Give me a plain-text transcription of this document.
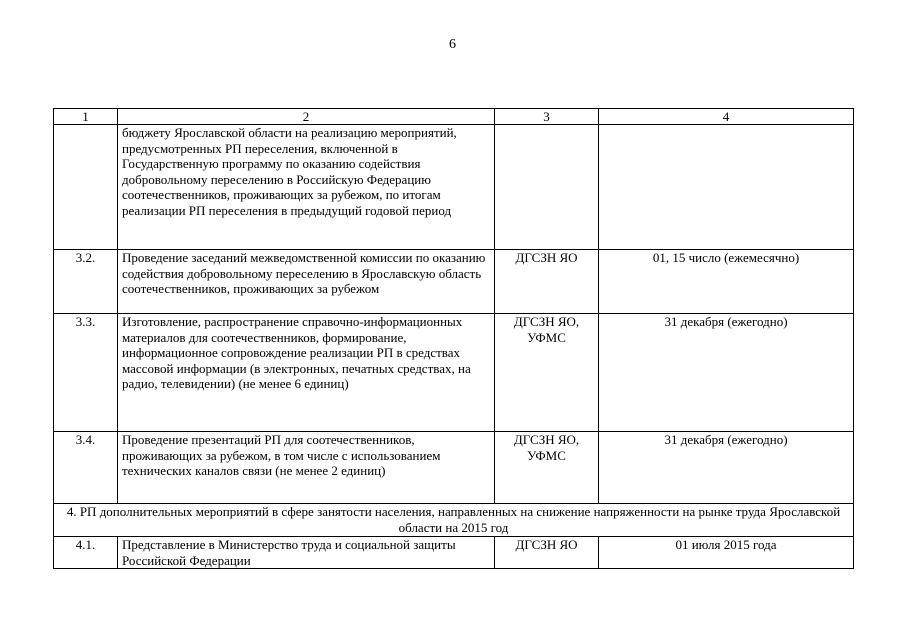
6
1	2	3	4
	бюджету Ярославской области на реализацию мероприятий, предусмотренных РП переселения, включенной в Государственную программу по оказанию содействия добровольному переселению в Российскую Федерацию соотечественников, проживающих за рубежом, по итогам реализации РП переселения в предыдущий годовой период		
3.2.	Проведение заседаний межведомственной комиссии по оказанию содействия добровольному переселению в Ярославскую область соотечественников, проживающих за рубежом	ДГСЗН ЯО	01, 15 число (ежемесячно)
3.3.	Изготовление, распространение справочно-информационных материалов для соотечественников, формирование, информационное сопровождение реализации РП в средствах массовой информации (в электронных, печатных средствах, на радио, телевидении) (не менее 6 единиц)	ДГСЗН ЯО, УФМС	31 декабря (ежегодно)
3.4.	Проведение презентаций РП для соотечественников, проживающих за рубежом, в том числе с использованием технических каналов связи (не менее 2 единиц)	ДГСЗН ЯО, УФМС	31 декабря (ежегодно)
4. РП дополнительных мероприятий в сфере занятости населения, направленных на снижение напряженности на рынке труда Ярославской области на 2015 год			
4.1.	Представление в Министерство труда и социальной защиты Российской Федерации	ДГСЗН ЯО	01 июля 2015 года
